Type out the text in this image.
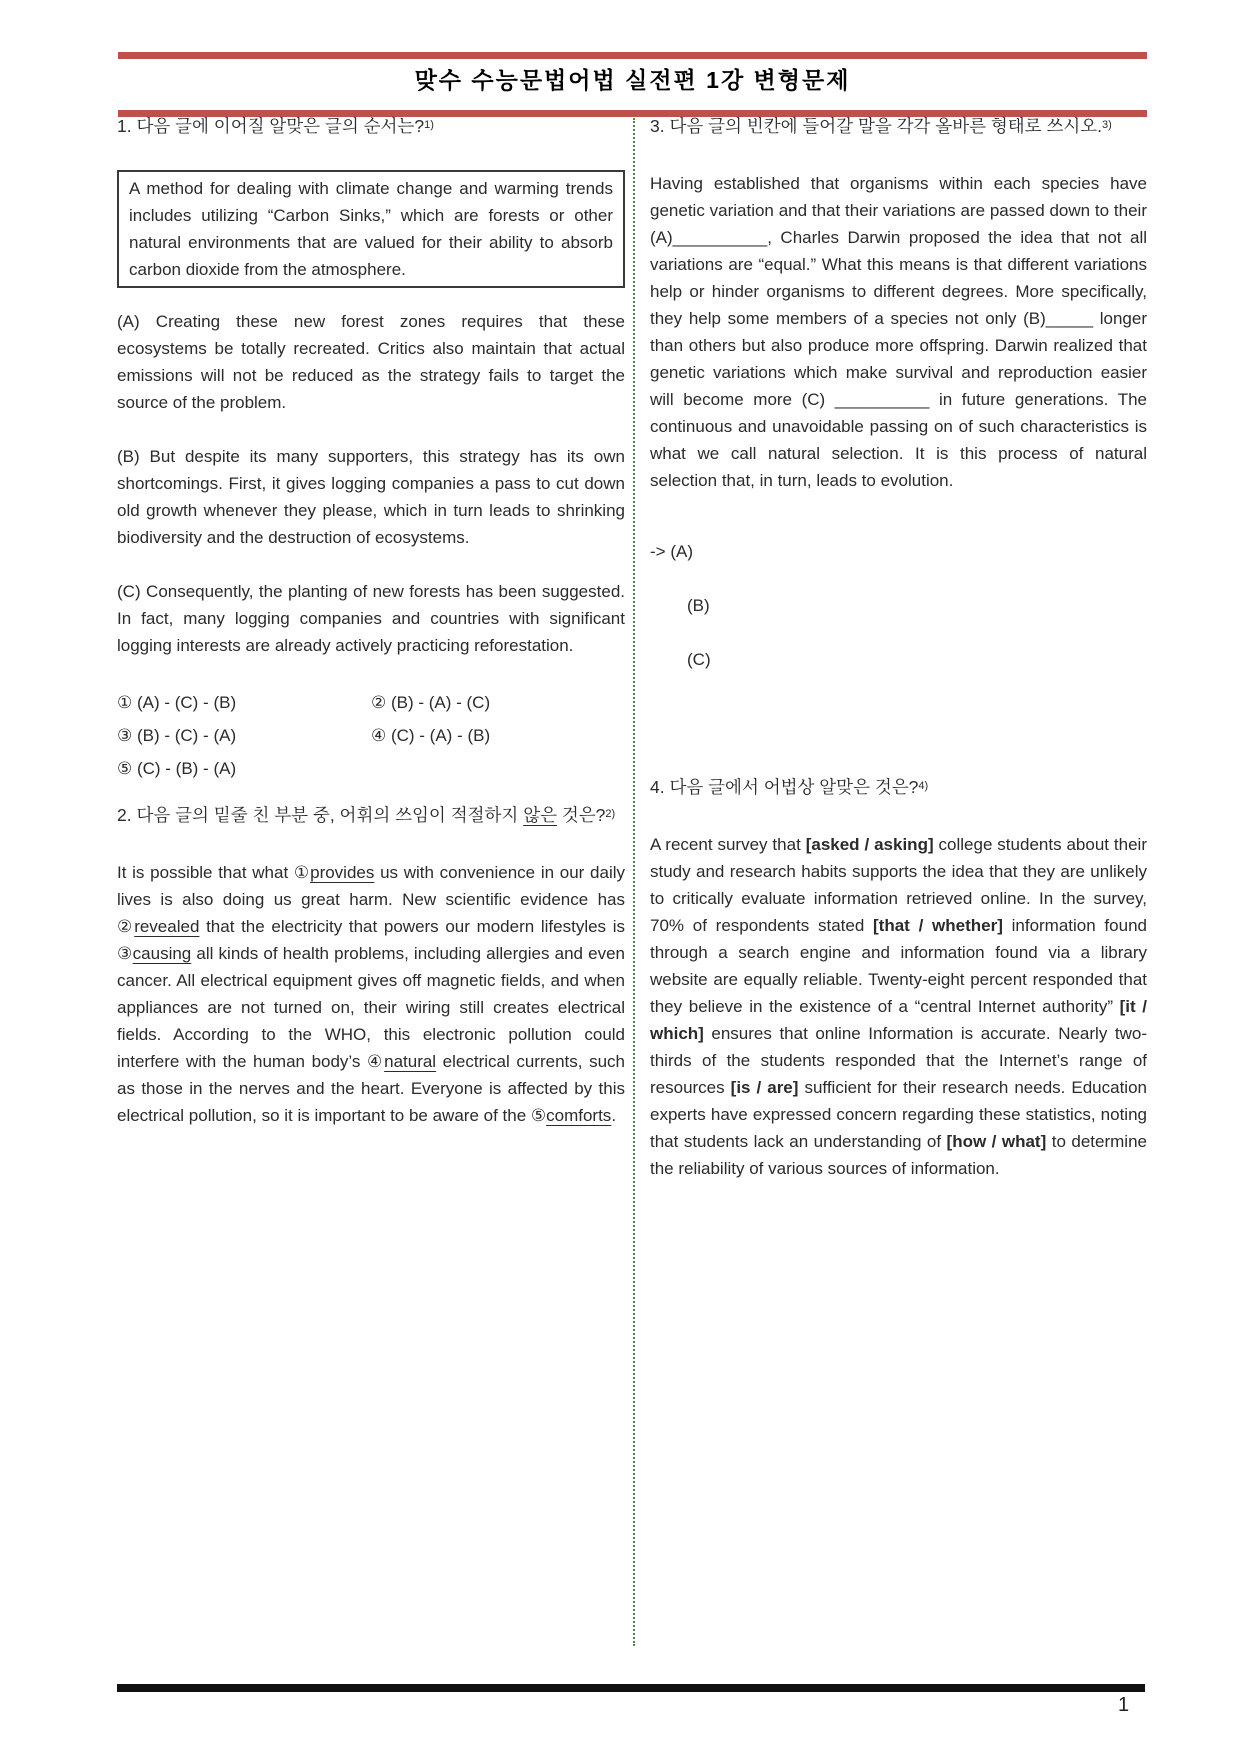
맞수 수능문법어법 실전편 1강 변형문제

1. 다음 글에 이어질 알맞은 글의 순서는?$^{1)}$

A method for dealing with climate change and warming trends includes utilizing “Carbon Sinks,” which are forests or other natural environments that are valued for their ability to absorb carbon dioxide from the atmosphere.

(A) Creating these new forest zones requires that these ecosystems be totally recreated. Critics also maintain that actual emissions will not be reduced as the strategy fails to target the source of the problem.

(B) But despite its many supporters, this strategy has its own shortcomings. First, it gives logging companies a pass to cut down old growth whenever they please, which in turn leads to shrinking biodiversity and the destruction of ecosystems.

(C) Consequently, the planting of new forests has been suggested. In fact, many logging companies and countries with significant logging interests are already actively practicing reforestation.

① (A) - (C) - (B)	② (B) - (A) - (C)
③ (B) - (C) - (A)	④ (C) - (A) - (B)
⑤ (C) - (B) - (A)

2. 다음 글의 밑줄 친 부분 중, 어휘의 쓰임이 적절하지 않은 것은?$^{2)}$

It is possible that what ①provides us with convenience in our daily lives is also doing us great harm. New scientific evidence has ②revealed that the electricity that powers our modern lifestyles is ③causing all kinds of health problems, including allergies and even cancer. All electrical equipment gives off magnetic fields, and when appliances are not turned on, their wiring still creates electrical fields. According to the WHO, this electronic pollution could interfere with the human body’s ④natural electrical currents, such as those in the nerves and the heart. Everyone is affected by this electrical pollution, so it is important to be aware of the ⑤comforts.

3. 다음 글의 빈칸에 들어갈 말을 각각 올바른 형태로 쓰시오.$^{3)}$

Having established that organisms within each species have genetic variation and that their variations are passed down to their (A)__________, Charles Darwin proposed the idea that not all variations are “equal.” What this means is that different variations help or hinder organisms to different degrees. More specifically, they help some members of a species not only (B)_____ longer than others but also produce more offspring. Darwin realized that genetic variations which make survival and reproduction easier will become more (C) __________ in future generations. The continuous and unavoidable passing on of such characteristics is what we call natural selection. It is this process of natural selection that, in turn, leads to evolution.

-> (A)
(B)
(C)

4. 다음 글에서 어법상 알맞은 것은?$^{4)}$

A recent survey that [asked / asking] college students about their study and research habits supports the idea that they are unlikely to critically evaluate information retrieved online. In the survey, 70% of respondents stated [that / whether] information found through a search engine and information found via a library website are equally reliable. Twenty-eight percent responded that they believe in the existence of a “central Internet authority” [it / which] ensures that online Information is accurate. Nearly two-thirds of the students responded that the Internet’s range of resources [is / are] sufficient for their research needs. Education experts have expressed concern regarding these statistics, noting that students lack an understanding of [how / what] to determine the reliability of various sources of information.

1
